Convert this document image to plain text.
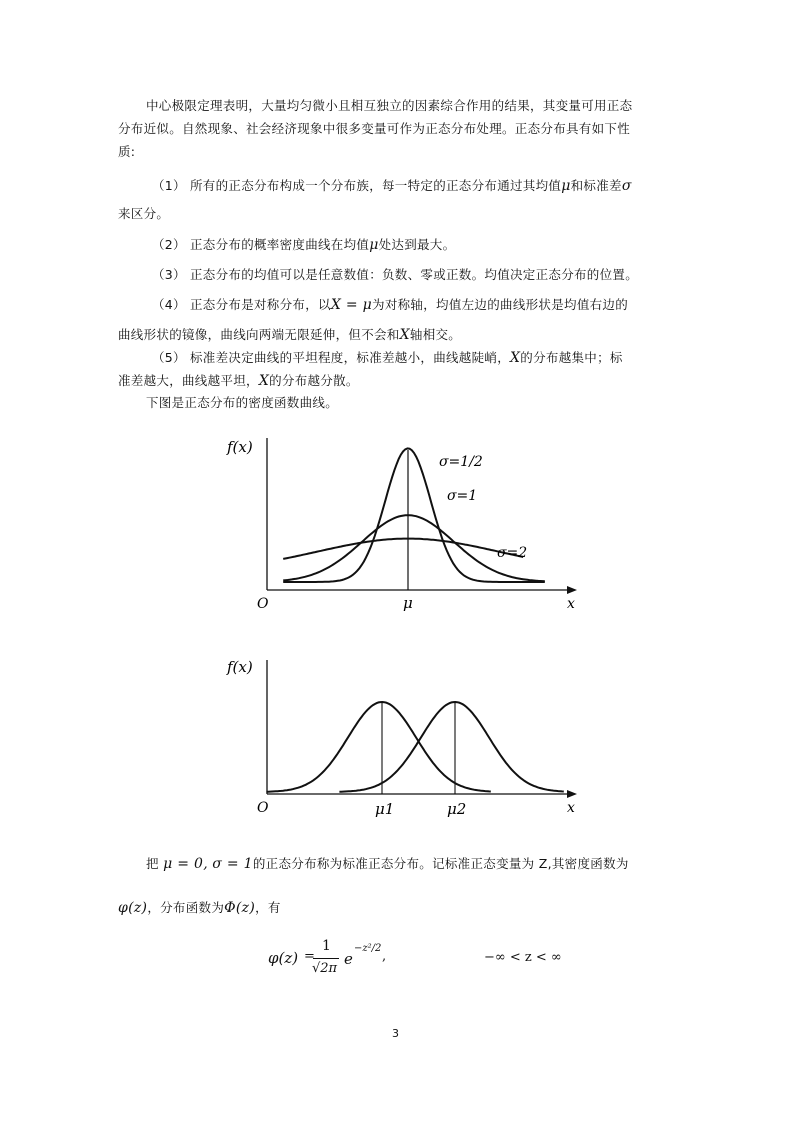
中心极限定理表明，大量均匀微小且相互独立的因素综合作用的结果，其变量可用正态
分布近似。自然现象、社会经济现象中很多变量可作为正态分布处理。正态分布具有如下性
质:
（1） 所有的正态分布构成一个分布族，每一特定的正态分布通过其均值μ和标准差σ
来区分。
（2） 正态分布的概率密度曲线在均值μ处达到最大。
（3） 正态分布的均值可以是任意数值：负数、零或正数。均值决定正态分布的位置。
（4） 正态分布是对称分布，以X = μ为对称轴，均值左边的曲线形状是均值右边的
曲线形状的镜像，曲线向两端无限延伸，但不会和X轴相交。
（5） 标准差决定曲线的平坦程度，标准差越小，曲线越陡峭，X的分布越集中；标
准差越大，曲线越平坦，X的分布越分散。
下图是正态分布的密度函数曲线。
f(x)
x
O	μ
σ=1/2
σ=1
σ=2
f(x)
x
O	μ1	μ2
把 μ = 0, σ = 1的正态分布称为标准正态分布。记标准正态变量为 Z,其密度函数为
φ(z)，分布函数为Φ(z)，有
φ(z) =
1
√2π
e
−z²/2
,	−∞ < z < ∞
3
